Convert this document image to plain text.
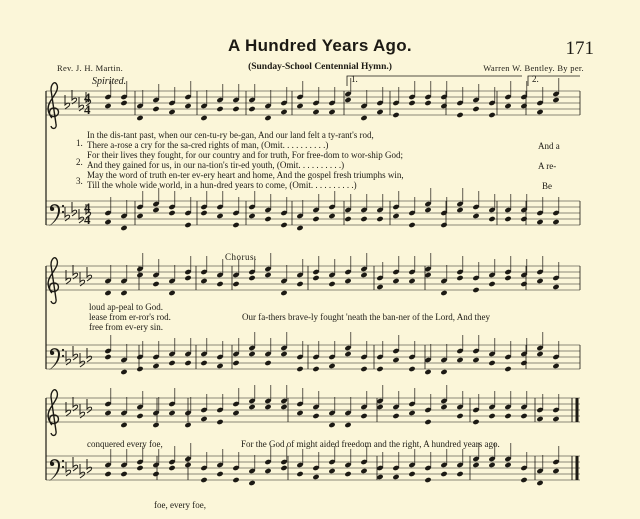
A Hundred Years Ago.	171
Rev. J. H. Martin.	(Sunday-School Centennial Hymn.)	Warren W. Bentley. By per.
Spirited.	1.	2.
Chorus.
1.
2.
3.
In the dis-tant past, when our cen-tu-ry be-gan, And our land felt a ty-rant's rod,
There a-rose a cry for the sa-cred rights of man, (Omit. . . . . . . . . .)
For their lives they fought, for our country and for truth, For free-dom to wor-ship God;
And they gained for us, in our na-tion's tir-ed youth, (Omit. . . . . . . . . .)
May the word of truth en-ter ev-ery heart and home, And the gospel fresh triumphs win,
Till the whole wide world, in a hun-dred years to come, (Omit. . . . . . . . . .)
And a
A re-
Be
loud ap-peal to God.
lease from er-ror's rod.
free from ev-ery sin.
Our fa-thers brave-ly fought 'neath the ban-ner of the Lord, And they
conquered every foe,	For the God of might aided freedom and the right, A hundred years ago.
foe, every foe,
4
4
4
4
